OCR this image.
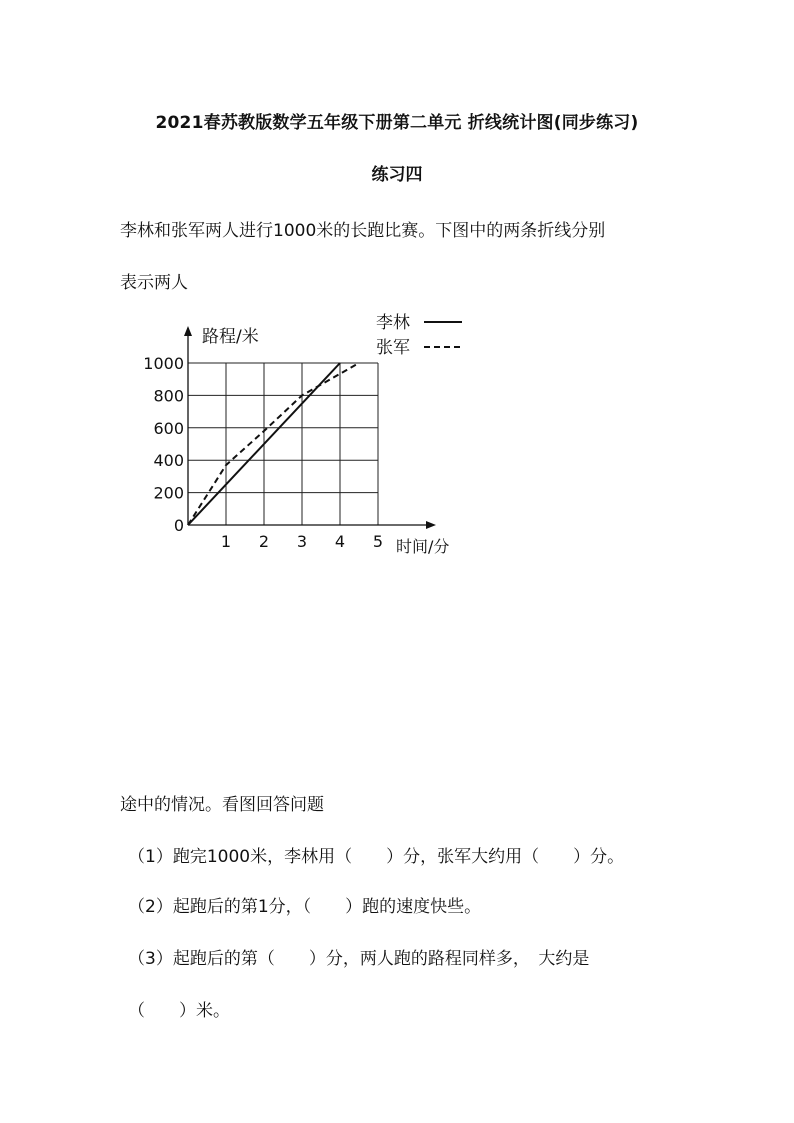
2021春苏教版数学五年级下册第二单元 折线统计图(同步练习)
练习四
李林和张军两人进行1000米的长跑比赛。下图中的两条折线分别
表示两人
0
200
400
600
800
1000
1 2 3 4 5
路程/米
时间/分
李林
张军
途中的情况。看图回答问题
（1）跑完1000米，李林用（　　）分，张军大约用（　　）分。
（2）起跑后的第1分，（　　）跑的速度快些。
（3）起跑后的第（　　）分，两人跑的路程同样多，　大约是
（　　）米。
